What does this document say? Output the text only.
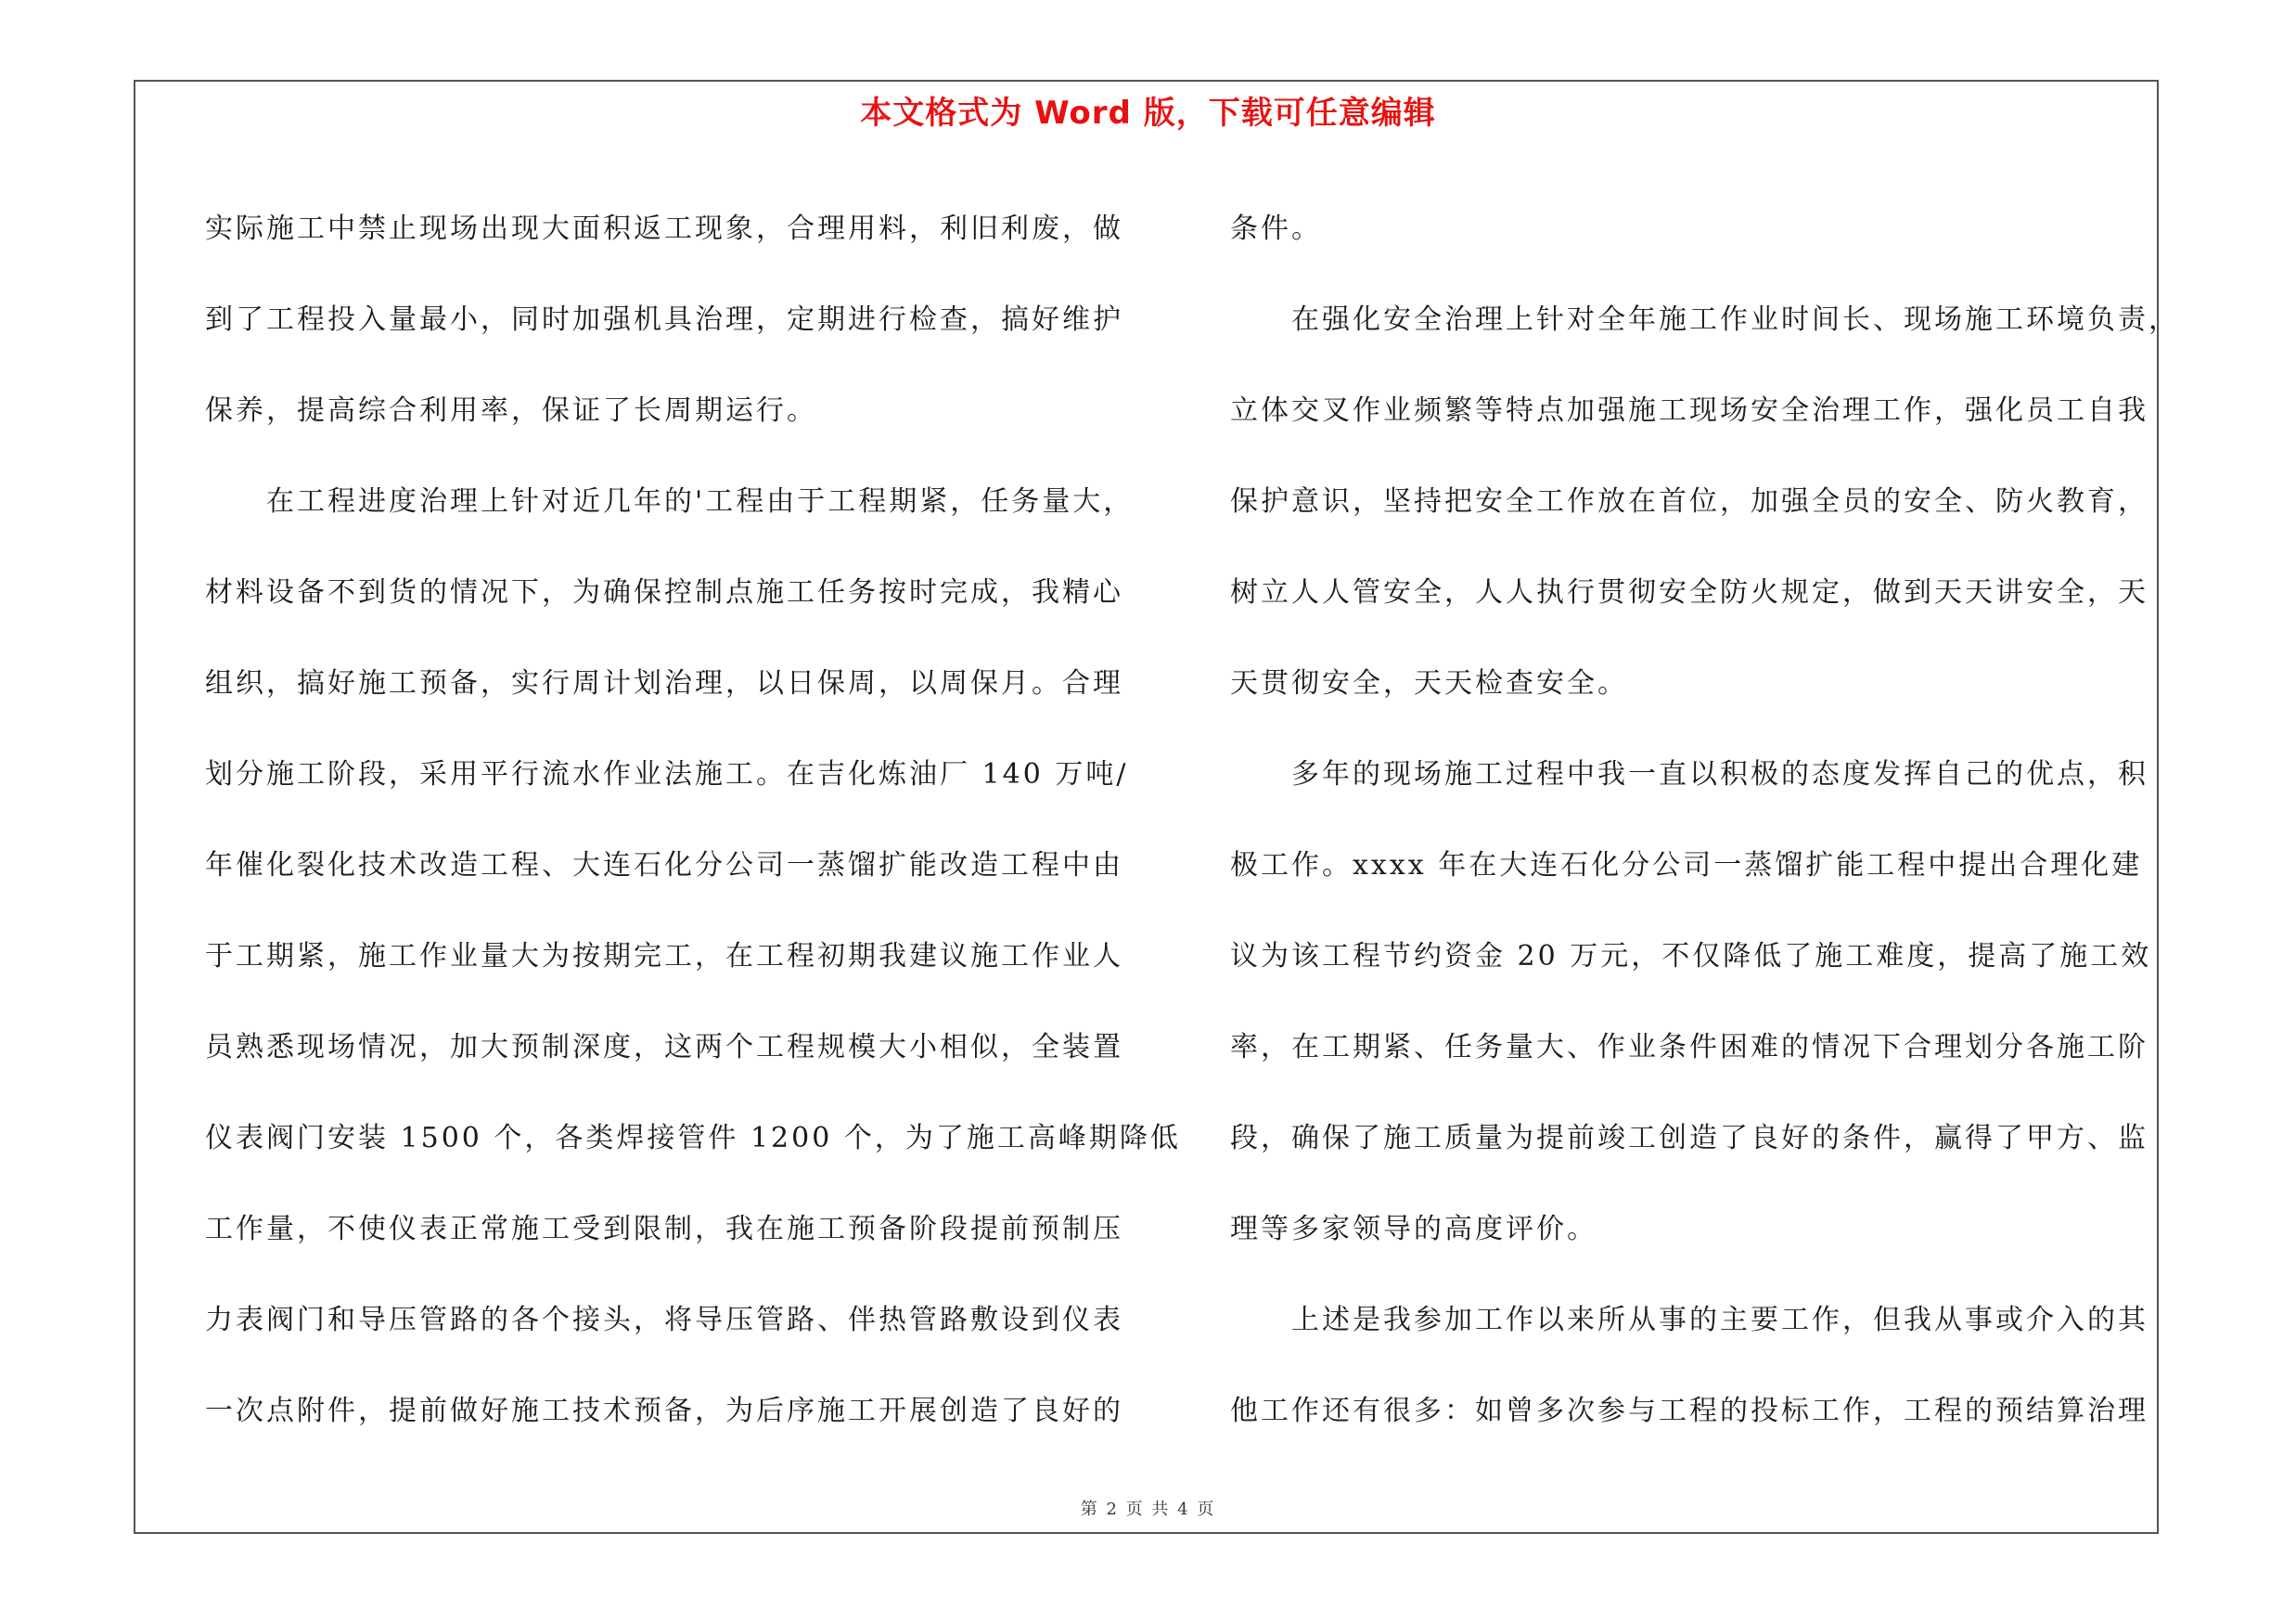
本文格式为 Word 版，下载可任意编辑
实际施工中禁止现场出现大面积返工现象，合理用料，利旧利废，做
到了工程投入量最小，同时加强机具治理，定期进行检查，搞好维护
保养，提高综合利用率，保证了长周期运行。
　　在工程进度治理上针对近几年的'工程由于工程期紧，任务量大，
材料设备不到货的情况下，为确保控制点施工任务按时完成，我精心
组织，搞好施工预备，实行周计划治理，以日保周，以周保月。合理
划分施工阶段，采用平行流水作业法施工。在吉化炼油厂 140 万吨/
年催化裂化技术改造工程、大连石化分公司一蒸馏扩能改造工程中由
于工期紧，施工作业量大为按期完工，在工程初期我建议施工作业人
员熟悉现场情况，加大预制深度，这两个工程规模大小相似，全装置
仪表阀门安装 1500 个，各类焊接管件 1200 个，为了施工高峰期降低
工作量，不使仪表正常施工受到限制，我在施工预备阶段提前预制压
力表阀门和导压管路的各个接头，将导压管路、伴热管路敷设到仪表
一次点附件，提前做好施工技术预备，为后序施工开展创造了良好的
条件。
　　在强化安全治理上针对全年施工作业时间长、现场施工环境负责，
立体交叉作业频繁等特点加强施工现场安全治理工作，强化员工自我
保护意识，坚持把安全工作放在首位，加强全员的安全、防火教育，
树立人人管安全，人人执行贯彻安全防火规定，做到天天讲安全，天
天贯彻安全，天天检查安全。
　　多年的现场施工过程中我一直以积极的态度发挥自己的优点，积
极工作。xxxx 年在大连石化分公司一蒸馏扩能工程中提出合理化建
议为该工程节约资金 20 万元，不仅降低了施工难度，提高了施工效
率，在工期紧、任务量大、作业条件困难的情况下合理划分各施工阶
段，确保了施工质量为提前竣工创造了良好的条件，赢得了甲方、监
理等多家领导的高度评价。
　　上述是我参加工作以来所从事的主要工作，但我从事或介入的其
他工作还有很多：如曾多次参与工程的投标工作，工程的预结算治理
第 2 页 共 4 页
